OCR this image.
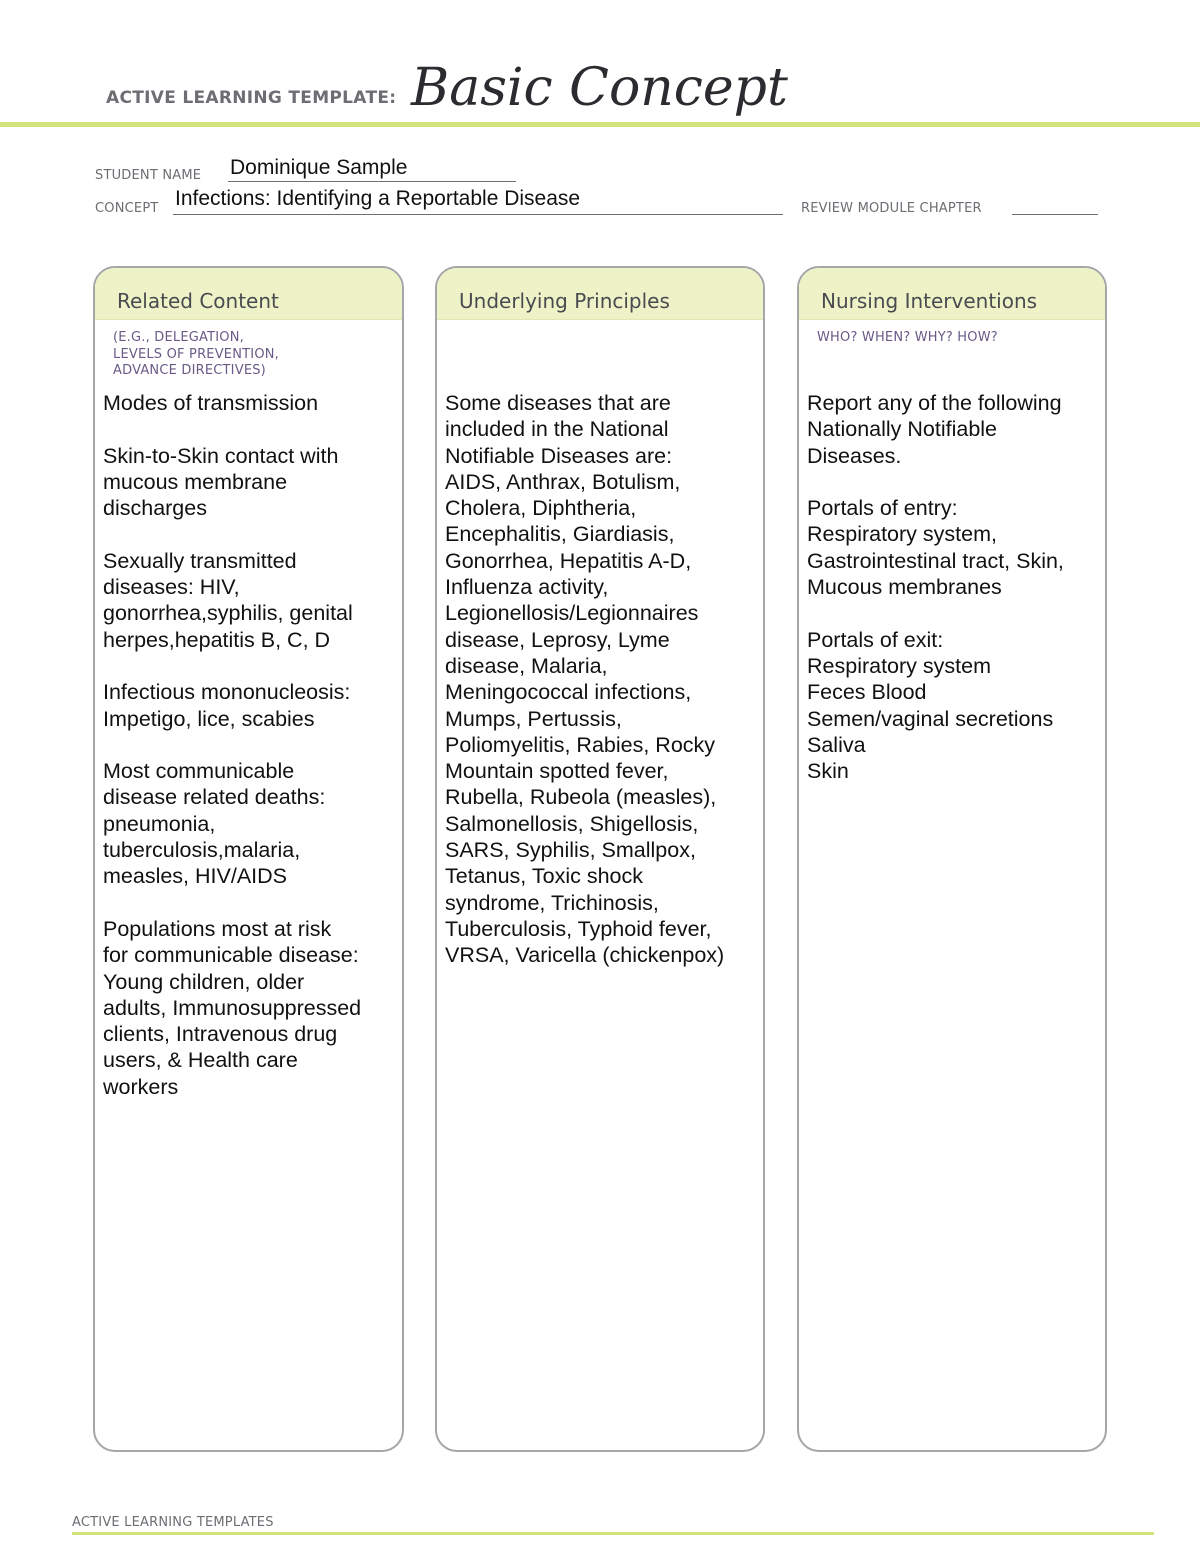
ACTIVE LEARNING TEMPLATE: Basic Concept
STUDENT NAME Dominique Sample
CONCEPT Infections: Identifying a Reportable Disease	REVIEW MODULE CHAPTER
Related Content
(E.G., DELEGATION,
LEVELS OF PREVENTION,
ADVANCE DIRECTIVES)
Modes of transmission

Skin-to-Skin contact with
mucous membrane
discharges

Sexually transmitted
diseases: HIV,
gonorrhea,syphilis, genital
herpes,hepatitis B, C, D

Infectious mononucleosis:
Impetigo, lice, scabies

Most communicable
disease related deaths:
pneumonia,
tuberculosis,malaria,
measles, HIV/AIDS

Populations most at risk
for communicable disease:
Young children, older
adults, Immunosuppressed
clients, Intravenous drug
users, & Health care
workers
Underlying Principles
Some diseases that are
included in the National
Notifiable Diseases are:
AIDS, Anthrax, Botulism,
Cholera, Diphtheria,
Encephalitis, Giardiasis,
Gonorrhea, Hepatitis A-D,
Influenza activity,
Legionellosis/Legionnaires
disease, Leprosy, Lyme
disease, Malaria,
Meningococcal infections,
Mumps, Pertussis,
Poliomyelitis, Rabies, Rocky
Mountain spotted fever,
Rubella, Rubeola (measles),
Salmonellosis, Shigellosis,
SARS, Syphilis, Smallpox,
Tetanus, Toxic shock
syndrome, Trichinosis,
Tuberculosis, Typhoid fever,
VRSA, Varicella (chickenpox)
Nursing Interventions
WHO? WHEN? WHY? HOW?
Report any of the following
Nationally Notifiable
Diseases.

Portals of entry:
Respiratory system,
Gastrointestinal tract, Skin,
Mucous membranes

Portals of exit:
Respiratory system
Feces Blood
Semen/vaginal secretions
Saliva
Skin
ACTIVE LEARNING TEMPLATES
